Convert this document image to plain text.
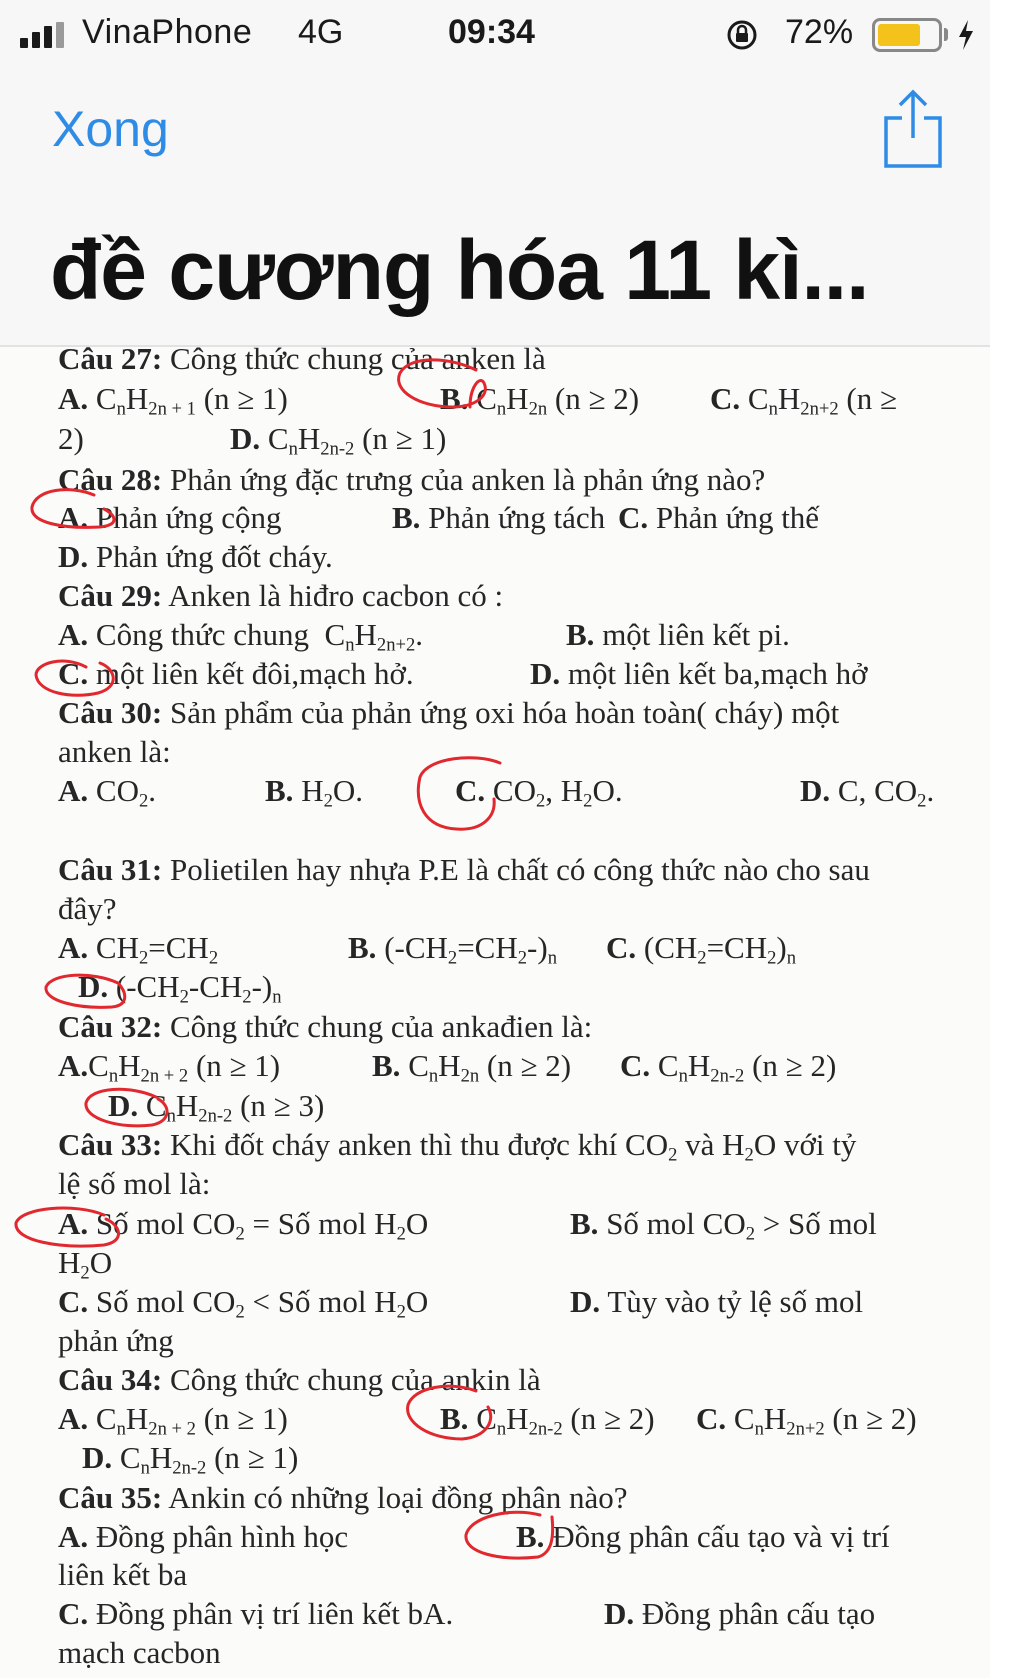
VinaPhone 4G	09:34	72%
Xong
đề cương hóa 11 kì...
Câu 27: Công thức chung của anken là
A. $C_nH_{2n + 1}$ (n ≥ 1)	B. $C_nH_{2n}$ (n ≥ 2) C. $C_nH_{2n+2}$ (n ≥
2)	D. $C_nH_{2n-2}$ (n ≥ 1)
Câu 28: Phản ứng đặc trưng của anken là phản ứng nào?
A. Phản ứng cộng	B. Phản ứng tách C. Phản ứng thế
D. Phản ứng đốt cháy.
Câu 29: Anken là hiđro cacbon có :
A. Công thức chung  $C_nH_{2n+2}$.	B. một liên kết pi.
C. một liên kết đôi,mạch hở.	D. một liên kết ba,mạch hở
Câu 30: Sản phẩm của phản ứng oxi hóa hoàn toàn( cháy) một
anken là:
A. $CO_2$.	B. $H_2O$.	C. $CO_2$, $H_2O$.	D. C, $CO_2$.
Câu 31: Polietilen hay nhựa P.E là chất có công thức nào cho sau
đây?
A. $CH_2=CH_2$	B. $(-CH_2=CH_2-)_n$ C. $(CH_2=CH_2)_n$
D. $(-CH_2-CH_2-)_n$
Câu 32: Công thức chung của ankađien là:
$A.C_nH_{2n + 2}$ (n ≥ 1)	B. $C_nH_{2n}$ (n ≥ 2) C. $C_nH_{2n-2}$ (n ≥ 2)
D. $C_nH_{2n-2}$ (n ≥ 3)
Câu 33: Khi đốt cháy anken thì thu được khí $CO_2$ và $H_2O$ với tỷ
lệ số mol là:
A. Số mol $CO_2$ = Số mol $H_2O$	B. Số mol $CO_2$ > Số mol
$H_2O$
C. Số mol $CO_2$ < Số mol $H_2O$	D. Tùy vào tỷ lệ số mol
phản ứng
Câu 34: Công thức chung của ankin là
A. $C_nH_{2n + 2}$ (n ≥ 1)	B. $C_nH_{2n-2}$ (n ≥ 2) C. $C_nH_{2n+2}$ (n ≥ 2)
D. $C_nH_{2n-2}$ (n ≥ 1)
Câu 35: Ankin có những loại đồng phân nào?
A. Đồng phân hình học	B. Đồng phân cấu tạo và vị trí
liên kết ba
C. Đồng phân vị trí liên kết bA.	D. Đồng phân cấu tạo
mạch cacbon
